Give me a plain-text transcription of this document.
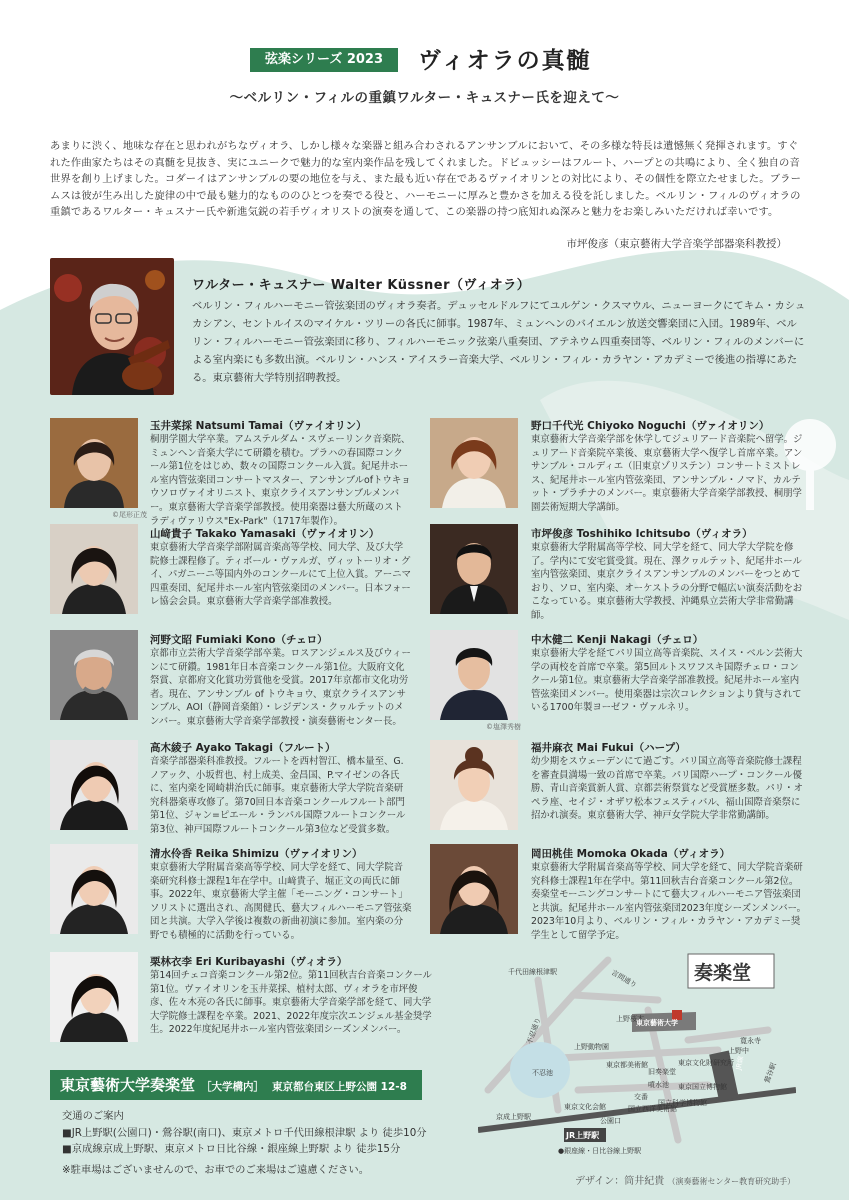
弦楽シリーズ 2023	ヴィオラの真髄
〜ベルリン・フィルの重鎮ワルター・キュスナー氏を迎えて〜
あまりに渋く、地味な存在と思われがちなヴィオラ、しかし様々な楽器と組み合わされるアンサンブルにおいて、その多様な特長は遺憾無く発揮されます。すぐれた作曲家たちはその真髄を見抜き、実にユニークで魅力的な室内楽作品を残してくれました。ドビュッシーはフルート、ハープとの共鳴により、全く独自の音世界を創り上げました。コダーイはアンサンブルの要の地位を与え、また最も近い存在であるヴァイオリンとの対比により、その個性を際立たせました。ブラームスは彼が生み出した旋律の中で最も魅力的なもののひとつを奏でる役と、ハーモニーに厚みと豊かさを加える役を託しました。ベルリン・フィルのヴィオラの重鎮であるワルター・キュスナー氏や新進気鋭の若手ヴィオリストの演奏を通して、この楽器の持つ底知れぬ深みと魅力をお楽しみいただければ幸いです。
市坪俊彦（東京藝術大学音楽学部器楽科教授）
ワルター・キュスナー Walter Küssner（ヴィオラ）
ベルリン・フィルハーモニー管弦楽団のヴィオラ奏者。デュッセルドルフにてユルゲン・クスマウル、ニューヨークにてキム・カシュカシアン、セントルイスのマイケル・ツリーの各氏に師事。1987年、ミュンヘンのバイエルン放送交響楽団に入団。1989年、ベルリン・フィルハーモニー管弦楽団に移り、フィルハーモニック弦楽八重奏団、アテネウム四重奏団等、ベルリン・フィルのメンバーによる室内楽にも多数出演。ベルリン・ハンス・アイスラー音楽大学、ベルリン・フィル・カラヤン・アカデミーで後進の指導にあたる。東京藝術大学特別招聘教授。
©尾形正茂
玉井菜採 Natsumi Tamai（ヴァイオリン）
桐朋学園大学卒業。アムステルダム・スヴェーリンク音楽院、ミュンヘン音楽大学にて研鑽を積む。プラハの春国際コンクール第1位をはじめ、数々の国際コンクール入賞。紀尾井ホール室内管弦楽団コンサートマスター、アンサンブルofトウキョウソロヴァイオリニスト、東京クライスアンサンブルメンバー。東京藝術大学音楽学部教授。使用楽器は藝大所蔵のストラディヴァリウス"Ex-Park"（1717年製作）。
野口千代光 Chiyoko Noguchi（ヴァイオリン）
東京藝術大学音楽学部を休学してジュリアード音楽院へ留学。ジュリアード音楽院卒業後、東京藝術大学へ復学し首席卒業。アンサンブル・コルディエ（旧東京ゾリステン）コンサートミストレス、紀尾井ホール室内管弦楽団、アンサンブル・ノマド、カルテット・プラチナのメンバー。東京藝術大学音楽学部教授、桐朋学園芸術短期大学講師。
山﨑貴子 Takako Yamasaki（ヴァイオリン）
東京藝術大学音楽学部附属音楽高等学校、同大学、及び大学院修士課程修了。ティボール・ヴァルガ、ヴィットーリオ・グイ、パガニーニ等国内外のコンクールにて上位入賞。アーニマ四重奏団、紀尾井ホール室内管弦楽団のメンバー。日本フォーレ協会会員。東京藝術大学音楽学部准教授。
市坪俊彦 Toshihiko Ichitsubo（ヴィオラ）
東京藝術大学附属高等学校、同大学を経て、同大学大学院を修了。学内にて安宅賞受賞。現在、澤クヮルテット、紀尾井ホール室内管弦楽団、東京クライスアンサンブルのメンバーをつとめており、ソロ、室内楽、オーケストラの分野で幅広い演奏活動をおこなっている。東京藝術大学教授、沖縄県立芸術大学非常勤講師。
河野文昭 Fumiaki Kono（チェロ）
京都市立芸術大学音楽学部卒業。ロスアンジェルス及びウィーンにて研鑽。1981年日本音楽コンクール第1位。大阪府文化祭賞、京都府文化賞功労賞他を受賞。2017年京都市文化功労者。現在、アンサンブル of トウキョウ、東京クライスアンサンブル、AOI（静岡音楽館）・レジデンス・クヮルテットのメンバー。東京藝術大学音楽学部教授・演奏藝術センター長。
©塩澤秀樹
中木健二 Kenji Nakagi（チェロ）
東京藝術大学を経てパリ国立高等音楽院、スイス・ベルン芸術大学の両校を首席で卒業。第5回ルトスワフスキ国際チェロ・コンクール第1位。東京藝術大学音楽学部准教授。紀尾井ホール室内管弦楽団メンバー。使用楽器は宗次コレクションより貸与されている1700年製ヨーゼフ・ヴァルネリ。
高木綾子 Ayako Takagi（フルート）
音楽学部器楽科准教授。フルートを西村智江、橋本量至、G.ノアック、小坂哲也、村上成美、金昌国、P.マイゼンの各氏に、室内楽を岡崎耕治氏に師事。東京藝術大学大学院音楽研究科器楽専攻修了。第70回日本音楽コンクールフルート部門第1位、ジャン=ピエール・ランパル国際フルートコンクール第3位、神戸国際フルートコンクール第3位など受賞多数。
福井麻衣 Mai Fukui（ハープ）
幼少期をスウェーデンにて過ごす。パリ国立高等音楽院修士課程を審査員満場一致の首席で卒業。パリ国際ハープ・コンクール優勝、青山音楽賞新人賞、京都芸術祭賞など受賞歴多数。パリ・オペラ座、セイジ・オザワ松本フェスティバル、福山国際音楽祭に招かれ演奏。東京藝術大学、神戸女学院大学非常勤講師。
清水伶香 Reika Shimizu（ヴァイオリン）
東京藝術大学附属音楽高等学校、同大学を経て、同大学院音楽研究科修士課程1年在学中。山﨑貴子、堀正文の両氏に師事。2022年、東京藝術大学主催「モーニング・コンサート」ソリストに選出され、高関健氏、藝大フィルハーモニア管弦楽団と共演。大学入学後は複数の新曲初演に参加。室内楽の分野でも積極的に活動を行っている。
岡田桃佳 Momoka Okada（ヴィオラ）
東京藝術大学附属音楽高等学校、同大学を経て、同大学院音楽研究科修士課程1年在学中。第11回秋吉台音楽コンクール第2位。奏楽堂モーニングコンサートにて藝大フィルハーモニア管弦楽団と共演。紀尾井ホール室内管弦楽団2023年度シーズンメンバー。2023年10月より、ベルリン・フィル・カラヤン・アカデミー奨学生として留学予定。
栗林衣李 Eri Kuribayashi（ヴィオラ）
第14回チェコ音楽コンクール第2位。第11回秋吉台音楽コンクール第1位。ヴァイオリンを玉井菜採、植村太郎、ヴィオラを市坪俊彦、佐々木亮の各氏に師事。東京藝術大学音楽学部を経て、同大学大学院修士課程を卒業。2021、2022年度宗次エンジェル基金奨学生。2022年度紀尾井ホール室内管弦楽団シーズンメンバー。
東京藝術大学奏楽堂 ［大学構内］ 東京都台東区上野公園 12-8
交通のご案内
■JR上野駅(公園口)・鶯谷駅(南口)、東京メトロ千代田線根津駅 より 徒歩10分
■京成線京成上野駅、東京メトロ日比谷線・銀座線上野駅 より 徒歩15分
※駐車場はございませんので、お車でのご来場はご遠慮ください。
奏楽堂
千代田線根津駅	言問通り
不忍通り	上野桜木
東京藝術大学
上野動物園
不忍池
東京都美術館
旧奏楽堂
東京文化財研究所
東京国立博物館
噴水池
交番
上野中
寛永寺
鶯谷駅
京成上野駅
東京文化会館	国立西洋美術館
国立科学博物館
公園口
JR上野駅
●銀座線・日比谷線上野駅
JR線
デザイン：筒井紀貴 （演奏藝術センター教育研究助手）
